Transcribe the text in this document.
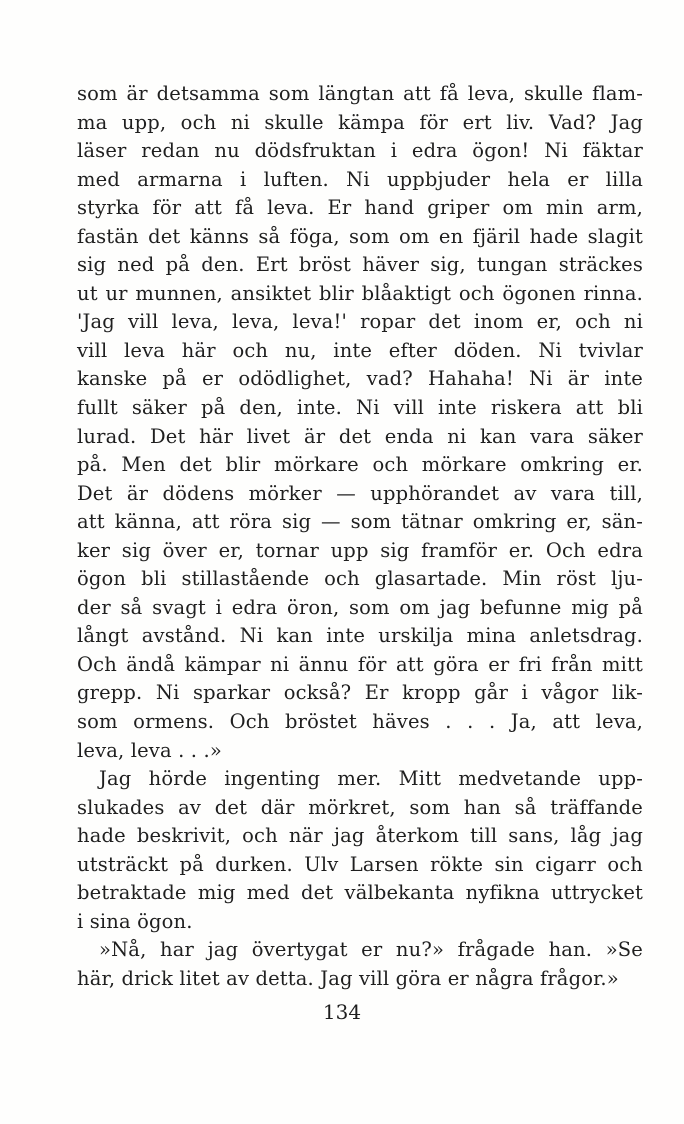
som är detsamma som längtan att få leva, skulle flam-
ma upp, och ni skulle kämpa för ert liv. Vad? Jag
läser redan nu dödsfruktan i edra ögon! Ni fäktar
med armarna i luften. Ni uppbjuder hela er lilla
styrka för att få leva. Er hand griper om min arm,
fastän det känns så föga, som om en fjäril hade slagit
sig ned på den. Ert bröst häver sig, tungan sträckes
ut ur munnen, ansiktet blir blåaktigt och ögonen rinna.
'Jag vill leva, leva, leva!' ropar det inom er, och ni
vill leva här och nu, inte efter döden. Ni tvivlar
kanske på er odödlighet, vad? Hahaha! Ni är inte
fullt säker på den, inte. Ni vill inte riskera att bli
lurad. Det här livet är det enda ni kan vara säker
på. Men det blir mörkare och mörkare omkring er.
Det är dödens mörker — upphörandet av vara till,
att känna, att röra sig — som tätnar omkring er, sän-
ker sig över er, tornar upp sig framför er. Och edra
ögon bli stillastående och glasartade. Min röst lju-
der så svagt i edra öron, som om jag befunne mig på
långt avstånd. Ni kan inte urskilja mina anletsdrag.
Och ändå kämpar ni ännu för att göra er fri från mitt
grepp. Ni sparkar också? Er kropp går i vågor lik-
som ormens. Och bröstet häves . . . Ja, att leva,
leva, leva . . .»
Jag hörde ingenting mer. Mitt medvetande upp-
slukades av det där mörkret, som han så träffande
hade beskrivit, och när jag återkom till sans, låg jag
utsträckt på durken. Ulv Larsen rökte sin cigarr och
betraktade mig med det välbekanta nyfikna uttrycket
i sina ögon.
»Nå, har jag övertygat er nu?» frågade han. »Se
här, drick litet av detta. Jag vill göra er några frågor.»
134
